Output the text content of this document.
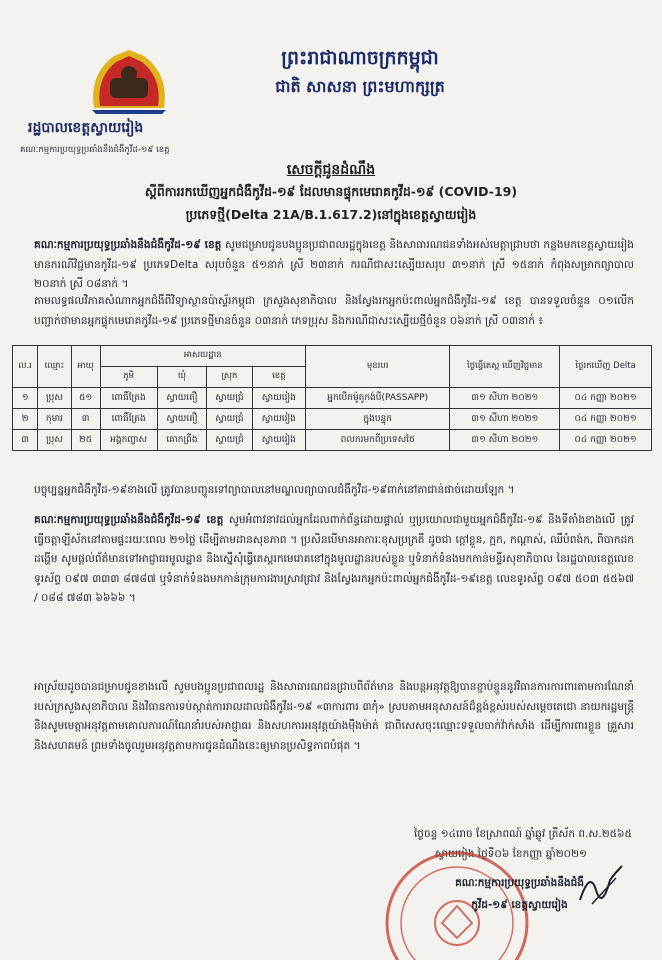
ព្រះរាជាណាចក្រកម្ពុជា
ជាតិ សាសនា ព្រះមហាក្សត្រ
រដ្ឋបាលខេត្តស្វាយរៀង
គណៈកម្មការប្រយុទ្ធប្រឆាំងនឹងជំងឺកូវីដ-១៩ ខេត្ត
សេចក្តីជូនដំណឹង
ស្តីពីការរកឃើញអ្នកជំងឺកូវីដ-១៩ ដែលមានផ្ទុកមេរោគកូវីដ-១៩ (COVID-19)
ប្រភេទថ្មី(Delta 21A/B.1.617.2)នៅក្នុងខេត្តស្វាយរៀង
គណៈកម្មការប្រយុទ្ធប្រឆាំងនឹងជំងឺកូវីដ-១៩ ខេត្ត សូមជម្រាបជូនបងប្អូនប្រជាពលរដ្ឋក្នុងខេត្ត និងសាធារណជនទាំងអស់មេត្តាជ្រាបថា កន្លងមកខេត្តស្វាយរៀងមានករណីវិជ្ជមានកូវីដ-១៩ ប្រភេទDelta សរុបចំនួន ៥១នាក់ ស្រី ២៣នាក់ ករណីជាសះស្បើយសរុប ៣១នាក់ ស្រី ១៥នាក់ កំពុងសម្រាកព្យាបាល ២០នាក់ ស្រី ០៨នាក់ ។
តាមលទ្ធផលវិភាគសំណាកអ្នកជំងឺពីវិទ្យាស្ថានប៉ាស្ទ័រកម្ពុជា ក្រសួងសុខាភិបាល និងស្វែងរកអ្នកប៉ះពាល់អ្នកជំងឺកូវីដ-១៩ ខេត្ត បានទទួលចំនួន ០១លើក បញ្ជាក់ថាមានអ្នកផ្ទុកមេរោគកូវីដ-១៩ ប្រភេទថ្មីមានចំនួន ០៣នាក់ ភេទប្រុស និងករណីជាសះស្បើយថ្មីចំនួន ០៦នាក់ ស្រី ០៣នាក់ ៖
ល.រ	ឈ្មោះ	អាយុ	អាសយដ្ឋាន				មុខរបរ	ថ្ងៃធ្វើតេស្ត ឃើញវិជ្ជមាន	ថ្ងៃរកឃើញ Delta
			ភូមិ	ឃុំ	ស្រុក	ខេត្ត			
១	ប្រុស	៥១	ពោធិ៍ត្រែង	ស្វាយតឿ	ស្វាយជ្រំ	ស្វាយរៀង	អ្នកបើកម៉ូតូកង់បី(PASSAPP)	៣១ សីហា ២០២១	០៤ កញ្ញា ២០២១
២	កុមារ	៣	ពោធិ៍ត្រែង	ស្វាយតឿ	ស្វាយជ្រំ	ស្វាយរៀង	ក្នុងបន្ទុក	៣១ សីហា ២០២១	០៤ កញ្ញា ២០២១
៣	ប្រុស	២៥	អង្គកញ្ចាស	គោកព្រីង	ស្វាយជ្រំ	ស្វាយរៀង	ពលករមកពីប្រទេសថៃ	៣១ សីហា ២០២១	០៤ កញ្ញា ២០២១
បច្ចុប្បន្នអ្នកជំងឺកូវីដ-១៩ខាងលើ ត្រូវបានបញ្ជូនទៅព្យាបាលនៅមណ្ឌលព្យាបាលជំងឺកូវីដ-១៩ពាក់នៅតាជាន់ផាច់ដោយឡែក ។
គណៈកម្មការប្រយុទ្ធប្រឆាំងនឹងជំងឺកូវីដ-១៩ ខេត្ត សូមអំពាវនាវដល់អ្នកដែលពាក់ព័ន្ធដោយផ្ទាល់ ឬប្រយោលជាមួយអ្នកជំងឺកូវីដ-១៩ និងទីតាំងខាងលើ ត្រូវធ្វើចត្តាឡីស័កនៅតាមផ្ទះរយៈពេល ២១ថ្ងៃ ដើម្បីតាមដានសុខភាព ។ ប្រសិនបើមានអាការៈខុសប្រក្រតី ដូចជា ក្តៅខ្លួន, ក្អក, កណ្តាស់, ឈឺបំពង់ក, ពិបាកដកដង្ហើម សូមផ្តល់ព័ត៌មានទៅអាជ្ញាធរមូលដ្ឋាន និងស្នើសុំធ្វើតេស្តរកមេរោគនៅក្នុងមូលដ្ឋានរបស់ខ្លួន ឬទំនាក់ទំនងមកកាន់មន្ទីរសុខាភិបាល នៃរដ្ឋបាលខេត្តលេខទូរស័ព្ទ ០៩៧ ៣៣៣ ៨៧៨៧ ឬទំនាក់ទំនងមកកាន់ក្រុមការងារស្រាវជ្រាវ និងស្វែងរកអ្នកប៉ះពាល់អ្នកជំងឺកូវីដ-១៩ខេត្ត លេខទូរស័ព្ទ ០៩៧ ៥០៣ ៥៥៦៧ / ០៨៨ ៧៨៣ ៦៦៦៦ ។
អាស្រ័យដូចបានជម្រាបជូនខាងលើ សូមបងប្អូនប្រជាពលរដ្ឋ និងសាធារណជនជ្រាបពីព័ត៌មាន និងបន្តអនុវត្តឱ្យបានខ្ជាប់ខ្ជួននូវវិធានការការពារតាមការណែនាំរបស់ក្រសួងសុខាភិបាល និងវិធានការទប់ស្កាត់ការរាលដាលជំងឺកូវីដ-១៩ «៣ការពារ ៣កុំ» ស្របតាមអនុសាសន៍ដ៏ខ្ពង់ខ្ពស់របស់សម្តេចតេជោ នាយករដ្ឋមន្ត្រី និងសូមមេត្តាអនុវត្តតាមគោលការណ៍ណែនាំរបស់អាជ្ញាធរ និងសហការអនុវត្តយ៉ាងម៉ឺងម៉ាត់ ជាពិសេសចុះឈ្មោះទទួលចាក់វ៉ាក់សាំង ដើម្បីការពារខ្លួន គ្រួសារ និងសហគមន៍ ព្រមទាំងចូលរួមអនុវត្តតាមការជូនដំណឹងនេះឲ្យមានប្រសិទ្ធភាពបំផុត ។
ថ្ងៃចន្ទ ១៤រោច ខែស្រាពណ៍ ឆ្នាំឆ្លូវ ត្រីស័ក ព.ស.២៥៦៥
ស្វាយរៀង ថ្ងៃទី០៦ ខែកញ្ញា ឆ្នាំ២០២១
គណៈកម្មការប្រយុទ្ធប្រឆាំងនឹងជំងឺ
កូវីដ-១៩ ខេត្តស្វាយរៀង
